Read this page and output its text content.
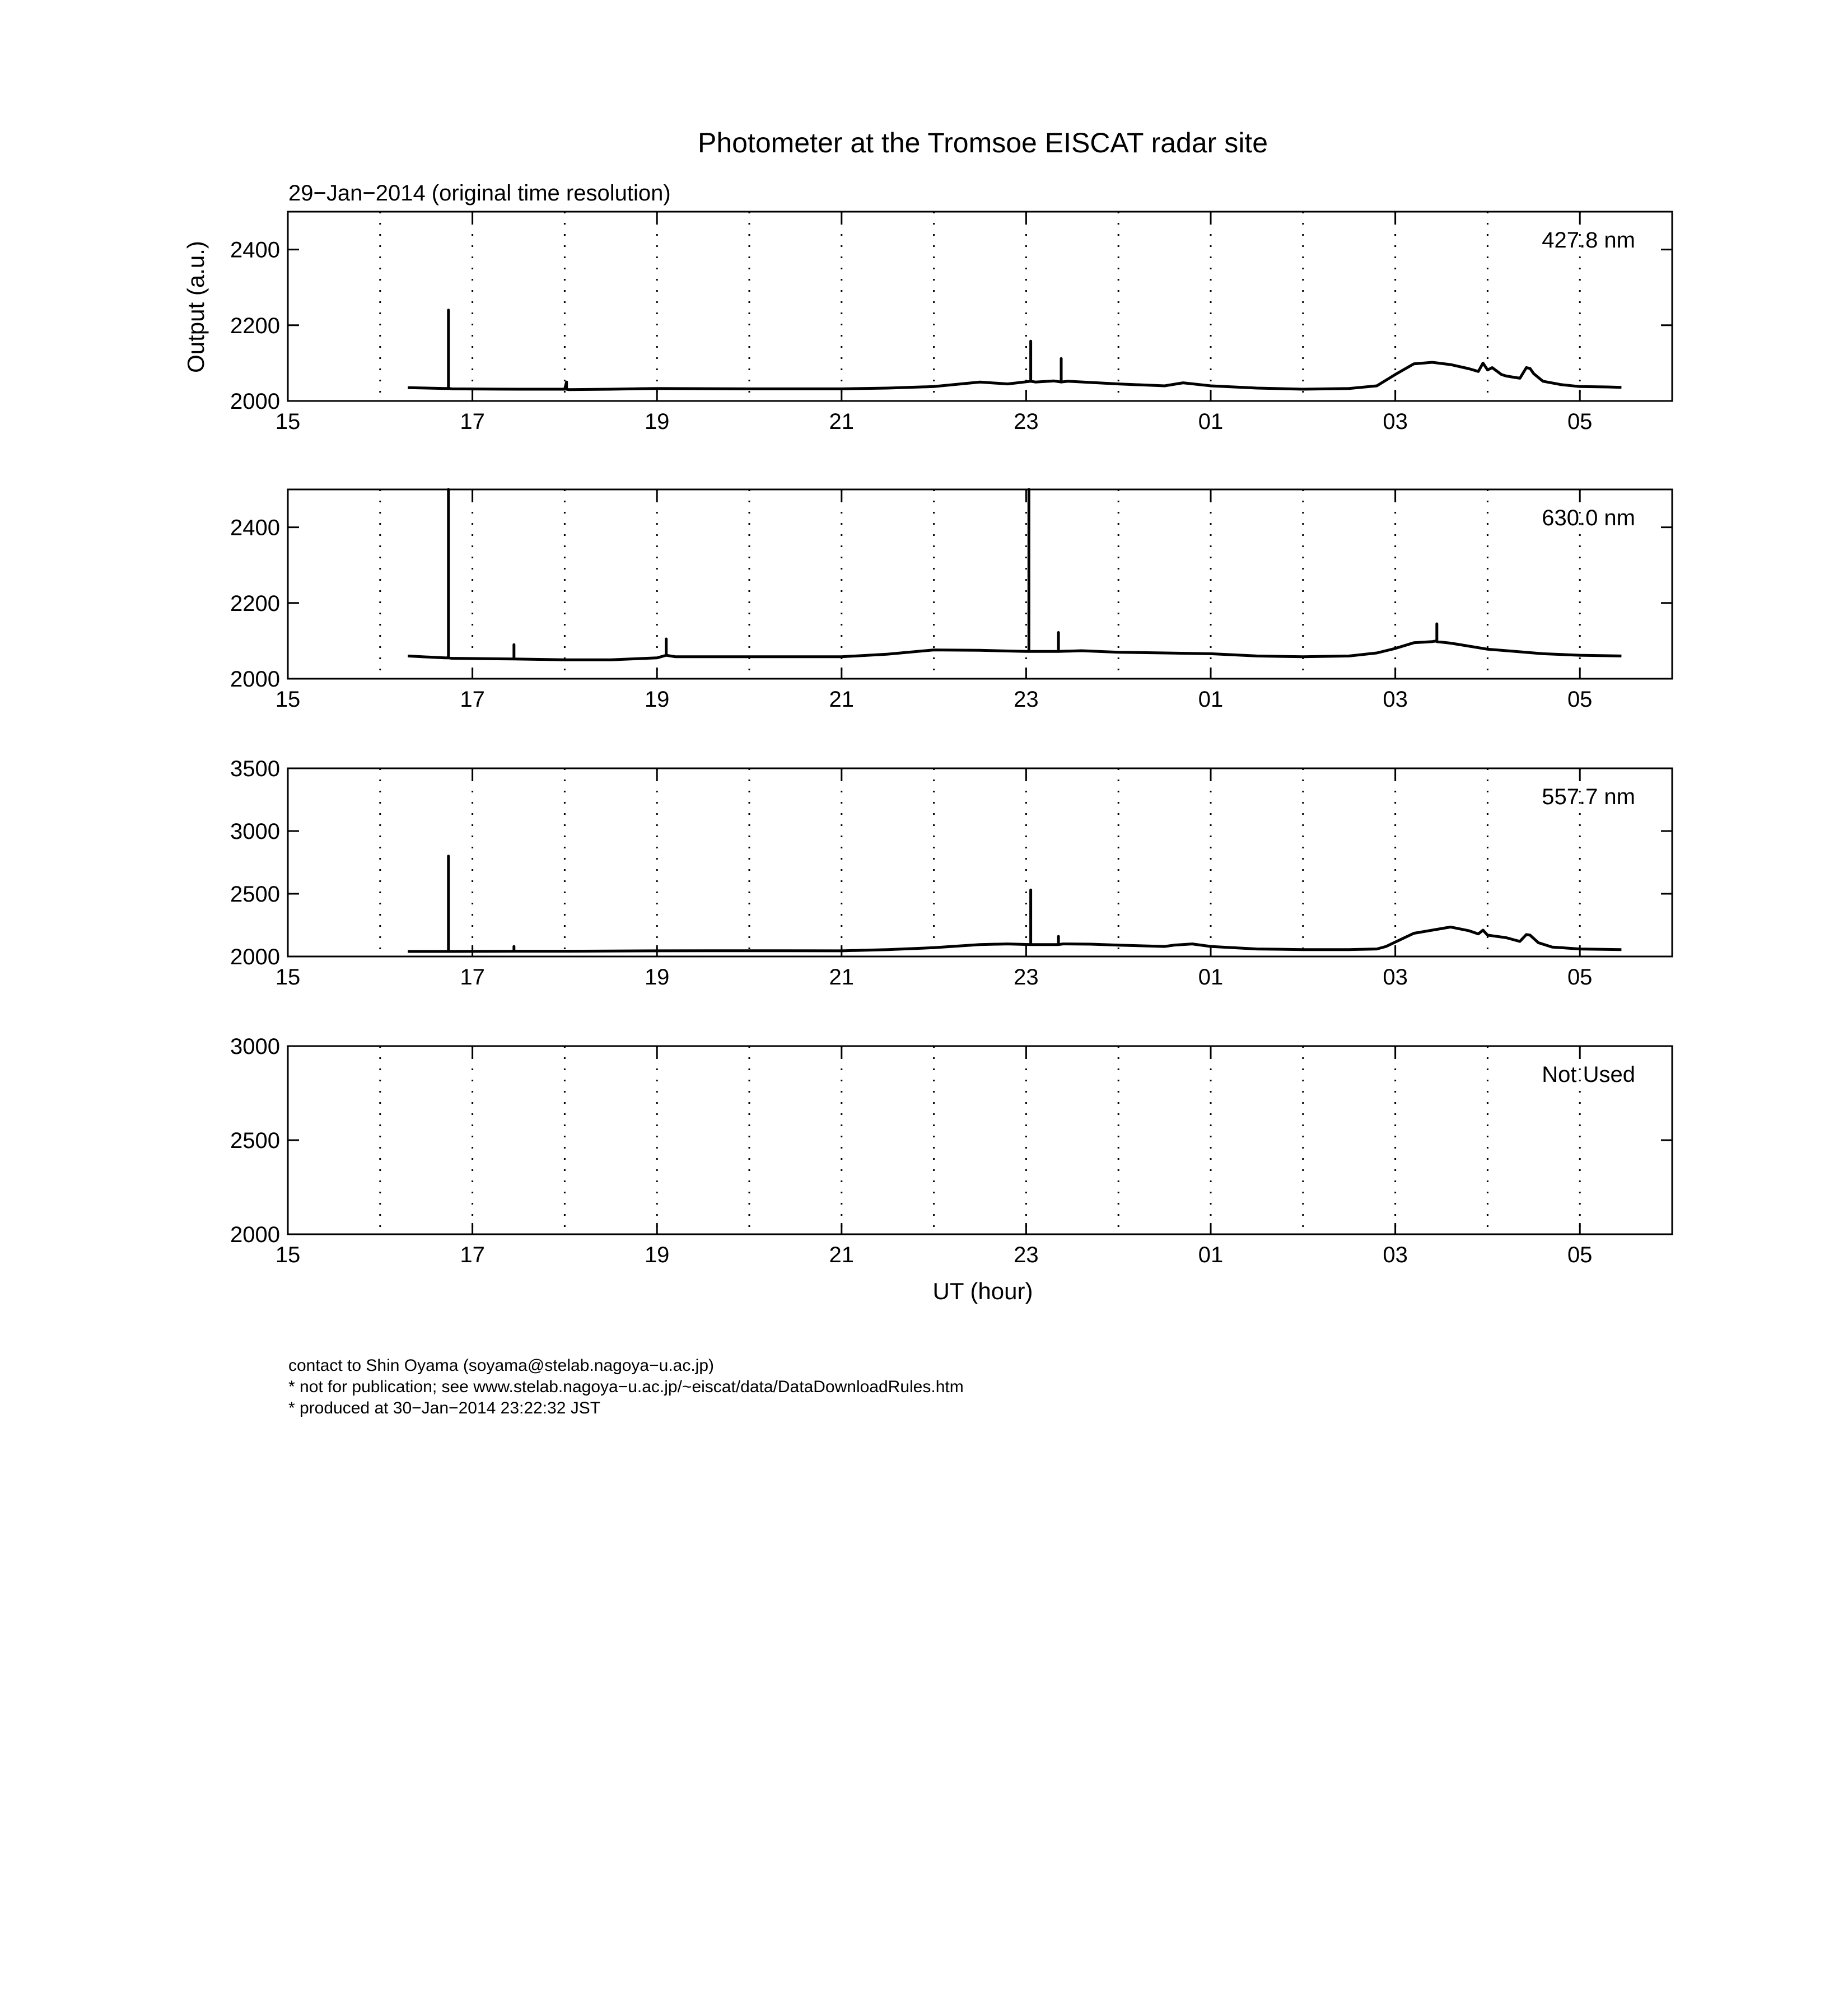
Photometer at the Tromsoe EISCAT radar site
29−Jan−2014 (original time resolution)
Output (a.u.)
15	17	19	21	23	01	03	05
2000
2200
2400	427.8 nm
15	17	19	21	23	01	03	05
2000
2200
2400	630.0 nm
15	17	19	21	23	01	03	05
2000
2500
3000
3500
557.7 nm
15	17	19	21	23	01	03	05
2000
2500
3000
Not Used
UT (hour)
contact to Shin Oyama (soyama@stelab.nagoya−u.ac.jp)
* not for publication; see www.stelab.nagoya−u.ac.jp/~eiscat/data/DataDownloadRules.htm
* produced at 30−Jan−2014 23:22:32 JST
